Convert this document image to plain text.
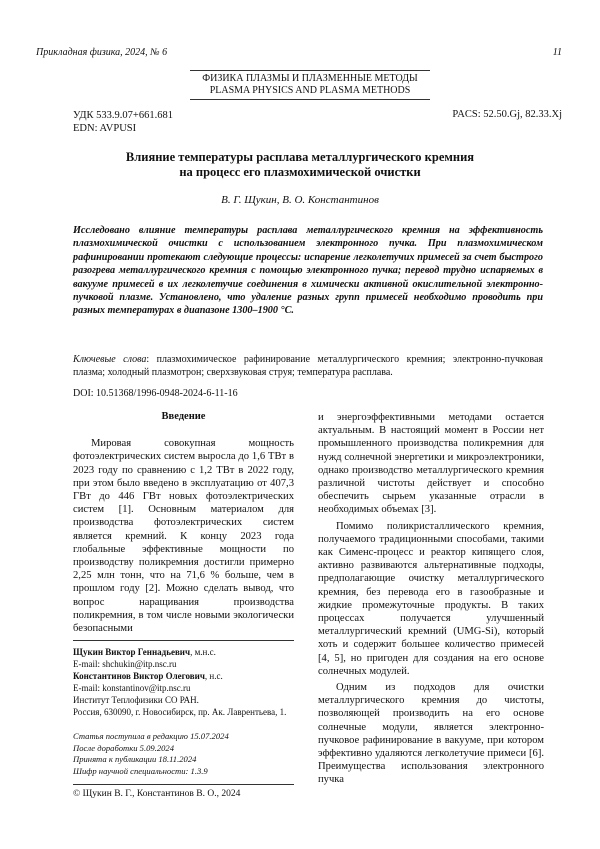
Прикладная физика, 2024, № 6	11
ФИЗИКА ПЛАЗМЫ И ПЛАЗМЕННЫЕ МЕТОДЫ
PLASMA PHYSICS AND PLASMA METHODS
УДК 533.9.07+661.681
EDN: AVPUSI
PACS: 52.50.Gj, 82.33.Xj
Влияние температуры расплава металлургического кремния
на процесс его плазмохимической очистки
В. Г. Щукин, В. О. Константинов
Исследовано влияние температуры расплава металлургического кремния на эффективность плазмохимической очистки с использованием электронного пучка. При плазмохимическом рафинировании протекают следующие процессы: испарение легколетучих примесей за счет быстрого разогрева металлургического кремния с помощью электронного пучка; перевод трудно испаряемых в вакууме примесей в их легколетучие соединения в химически активной окислительной электронно-пучковой плазме. Установлено, что удаление разных групп примесей необходимо проводить при разных температурах в диапазоне 1300–1900 °С.
Ключевые слова: плазмохимическое рафинирование металлургического кремния; электронно-пучковая плазма; холодный плазмотрон; сверхзвуковая струя; температура расплава.
DOI: 10.51368/1996-0948-2024-6-11-16
Введение

Мировая совокупная мощность фотоэлектрических систем выросла до 1,6 ТВт в 2023 году по сравнению с 1,2 ТВт в 2022 году, при этом было введено в эксплуатацию от 407,3 ГВт до 446 ГВт новых фотоэлектрических систем [1]. Основным материалом для производства фотоэлектрических систем является кремний. К концу 2023 года глобальные эффективные мощности по производству поликремния достигли примерно 2,25 млн тонн, что на 71,6 % больше, чем в прошлом году [2]. Можно сделать вывод, что вопрос наращивания производства поликремния, в том числе новыми экологически безопасными

и энергоэффективными методами остается актуальным. В настоящий момент в России нет промышленного производства поликремния для нужд солнечной энергетики и микроэлектроники, однако производство металлургического кремния различной чистоты действует и способно обеспечить сырьем указанные отрасли в необходимых объемах [3].

Помимо поликристаллического кремния, получаемого традиционными способами, такими как Сименс-процесс и реактор кипящего слоя, активно развиваются альтернативные подходы, предполагающие очистку металлургического кремния, без перевода его в газообразные и жидкие промежуточные продукты. В таких процессах получается улучшенный металлургический кремний (UMG-Si), который хоть и содержит большее количество примесей [4, 5], но пригоден для создания на его основе солнечных модулей.

Одним из подходов для очистки металлургического кремния до чистоты, позволяющей производить на его основе солнечные модули, является электронно-пучковое рафинирование в вакууме, при котором эффективно удаляются легколетучие примеси [6]. Преимущества использования электронного пучка

Щукин Виктор Геннадьевич, м.н.с.
E-mail: shchukin@itp.nsc.ru
Константинов Виктор Олегович, н.с.
E-mail: konstantinov@itp.nsc.ru
Институт Теплофизики СО РАН.
Россия, 630090, г. Новосибирск, пр. Ак. Лаврентьева, 1.
Статья поступила в редакцию 15.07.2024
После доработки 5.09.2024
Принята к публикации 18.11.2024
Шифр научной специальности: 1.3.9
© Щукин В. Г., Константинов В. О., 2024
